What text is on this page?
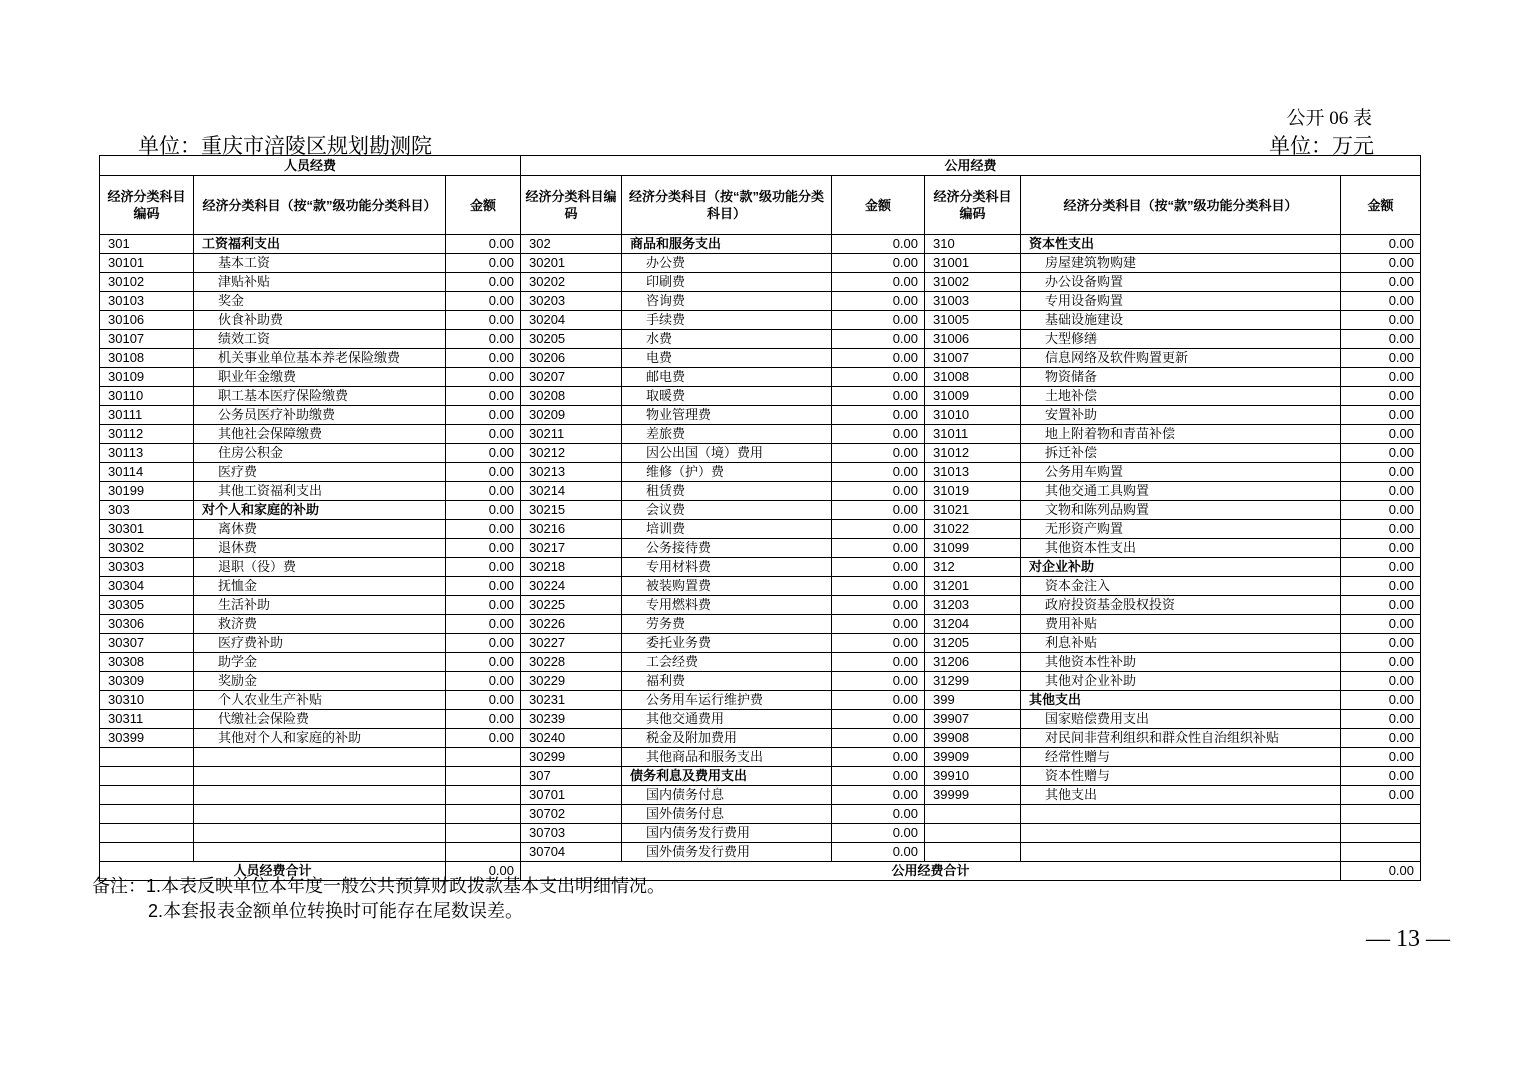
公开 06 表
单位：重庆市涪陵区规划勘测院	单位：万元
人员经费			公用经费					
经济分类科目编码	经济分类科目（按“款”级功能分类科目）	金额	经济分类科目编码	经济分类科目（按“款”级功能分类科目）	金额	经济分类科目编码	经济分类科目（按“款”级功能分类科目）	金额
301	工资福利支出	0.00	302	商品和服务支出	0.00	310	资本性支出	0.00
30101	基本工资	0.00	30201	办公费	0.00	31001	房屋建筑物购建	0.00
30102	津贴补贴	0.00	30202	印刷费	0.00	31002	办公设备购置	0.00
30103	奖金	0.00	30203	咨询费	0.00	31003	专用设备购置	0.00
30106	伙食补助费	0.00	30204	手续费	0.00	31005	基础设施建设	0.00
30107	绩效工资	0.00	30205	水费	0.00	31006	大型修缮	0.00
30108	机关事业单位基本养老保险缴费	0.00	30206	电费	0.00	31007	信息网络及软件购置更新	0.00
30109	职业年金缴费	0.00	30207	邮电费	0.00	31008	物资储备	0.00
30110	职工基本医疗保险缴费	0.00	30208	取暖费	0.00	31009	土地补偿	0.00
30111	公务员医疗补助缴费	0.00	30209	物业管理费	0.00	31010	安置补助	0.00
30112	其他社会保障缴费	0.00	30211	差旅费	0.00	31011	地上附着物和青苗补偿	0.00
30113	住房公积金	0.00	30212	因公出国（境）费用	0.00	31012	拆迁补偿	0.00
30114	医疗费	0.00	30213	维修（护）费	0.00	31013	公务用车购置	0.00
30199	其他工资福利支出	0.00	30214	租赁费	0.00	31019	其他交通工具购置	0.00
303	对个人和家庭的补助	0.00	30215	会议费	0.00	31021	文物和陈列品购置	0.00
30301	离休费	0.00	30216	培训费	0.00	31022	无形资产购置	0.00
30302	退休费	0.00	30217	公务接待费	0.00	31099	其他资本性支出	0.00
30303	退职（役）费	0.00	30218	专用材料费	0.00	312	对企业补助	0.00
30304	抚恤金	0.00	30224	被装购置费	0.00	31201	资本金注入	0.00
30305	生活补助	0.00	30225	专用燃料费	0.00	31203	政府投资基金股权投资	0.00
30306	救济费	0.00	30226	劳务费	0.00	31204	费用补贴	0.00
30307	医疗费补助	0.00	30227	委托业务费	0.00	31205	利息补贴	0.00
30308	助学金	0.00	30228	工会经费	0.00	31206	其他资本性补助	0.00
30309	奖励金	0.00	30229	福利费	0.00	31299	其他对企业补助	0.00
30310	个人农业生产补贴	0.00	30231	公务用车运行维护费	0.00	399	其他支出	0.00
30311	代缴社会保险费	0.00	30239	其他交通费用	0.00	39907	国家赔偿费用支出	0.00
30399	其他对个人和家庭的补助	0.00	30240	税金及附加费用	0.00	39908	对民间非营利组织和群众性自治组织补贴	0.00
			30299	其他商品和服务支出	0.00	39909	经常性赠与	0.00
			307	债务利息及费用支出	0.00	39910	资本性赠与	0.00
			30701	国内债务付息	0.00	39999	其他支出	0.00
			30702	国外债务付息	0.00			
			30703	国内债务发行费用	0.00			
			30704	国外债务发行费用	0.00			
人员经费合计		0.00	公用经费合计					0.00
备注：1.本表反映单位本年度一般公共预算财政拨款基本支出明细情况。
2.本套报表金额单位转换时可能存在尾数误差。
— 13 —
